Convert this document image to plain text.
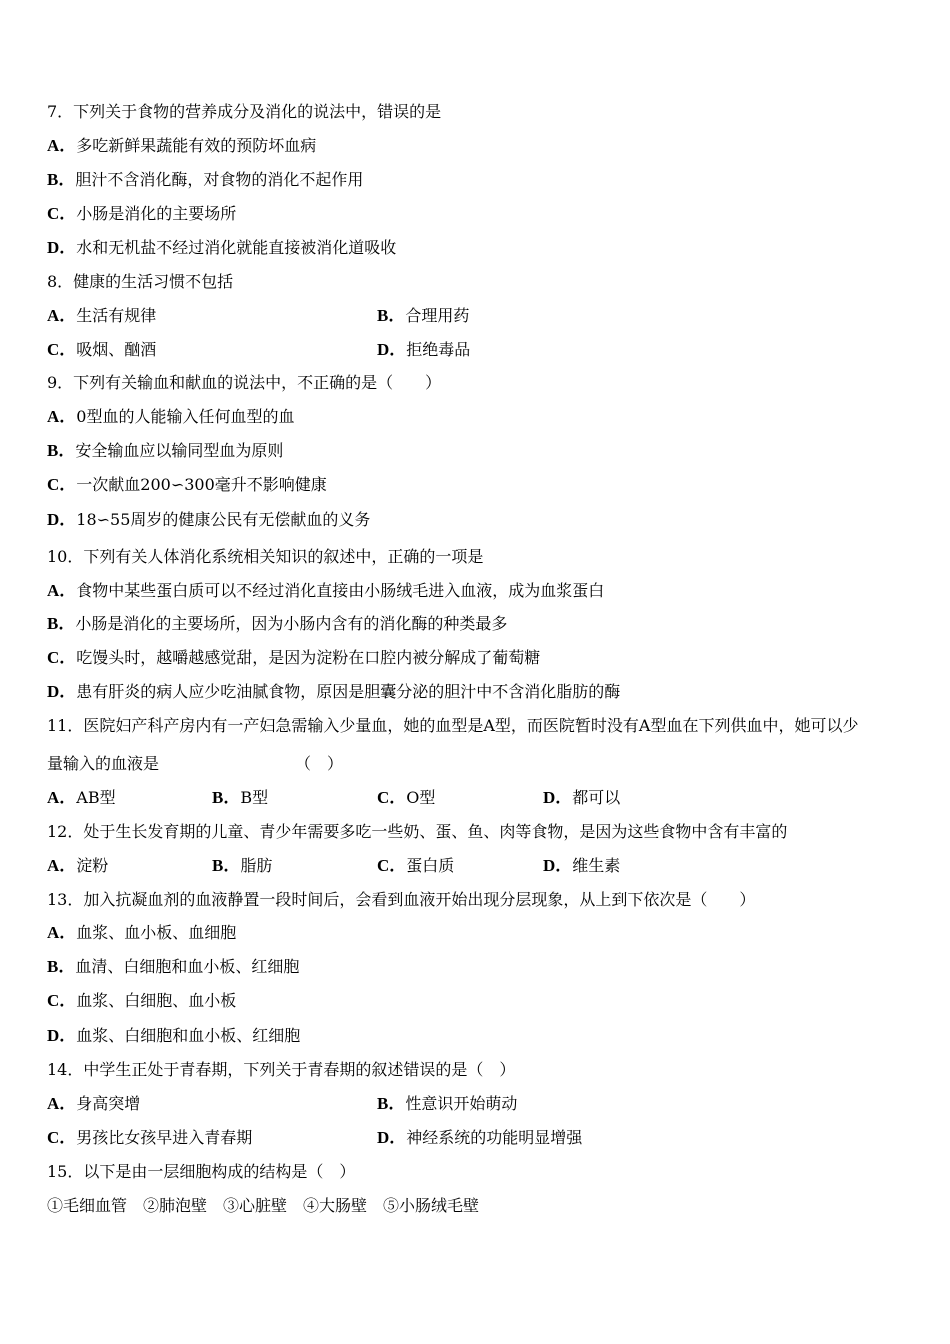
7．下列关于食物的营养成分及消化的说法中，错误的是
A．多吃新鲜果蔬能有效的预防坏血病
B．胆汁不含消化酶，对食物的消化不起作用
C．小肠是消化的主要场所
D．水和无机盐不经过消化就能直接被消化道吸收
8．健康的生活习惯不包括
A．生活有规律	B．合理用药
C．吸烟、酗酒	D．拒绝毒品
9．下列有关输血和献血的说法中，不正确的是（　　）
A．0型血的人能输入任何血型的血
B．安全输血应以输同型血为原则
C．一次献血200∽300毫升不影响健康
D．18∽55周岁的健康公民有无偿献血的义务
10．下列有关人体消化系统相关知识的叙述中，正确的一项是
A．食物中某些蛋白质可以不经过消化直接由小肠绒毛进入血液，成为血浆蛋白
B．小肠是消化的主要场所，因为小肠内含有的消化酶的种类最多
C．吃馒头时，越嚼越感觉甜，是因为淀粉在口腔内被分解成了葡萄糖
D．患有肝炎的病人应少吃油腻食物，原因是胆囊分泌的胆汁中不含消化脂肪的酶
11．医院妇产科产房内有一产妇急需输入少量血，她的血型是A型，而医院暂时没有A型血在下列供血中，她可以少
量输入的血液是　　　　　　　　　（　）
A．AB型	B．B型	C．O型	D．都可以
12．处于生长发育期的儿童、青少年需要多吃一些奶、蛋、鱼、肉等食物，是因为这些食物中含有丰富的
A．淀粉	B．脂肪	C．蛋白质	D．维生素
13．加入抗凝血剂的血液静置一段时间后，会看到血液开始出现分层现象，从上到下依次是（　　）
A．血浆、血小板、血细胞
B．血清、白细胞和血小板、红细胞
C．血浆、白细胞、血小板
D．血浆、白细胞和血小板、红细胞
14．中学生正处于青春期，下列关于青春期的叙述错误的是（　）
A．身高突增	B．性意识开始萌动
C．男孩比女孩早进入青春期	D．神经系统的功能明显增强
15．以下是由一层细胞构成的结构是（　）
①毛细血管　②肺泡壁　③心脏壁　④大肠壁　⑤小肠绒毛壁
